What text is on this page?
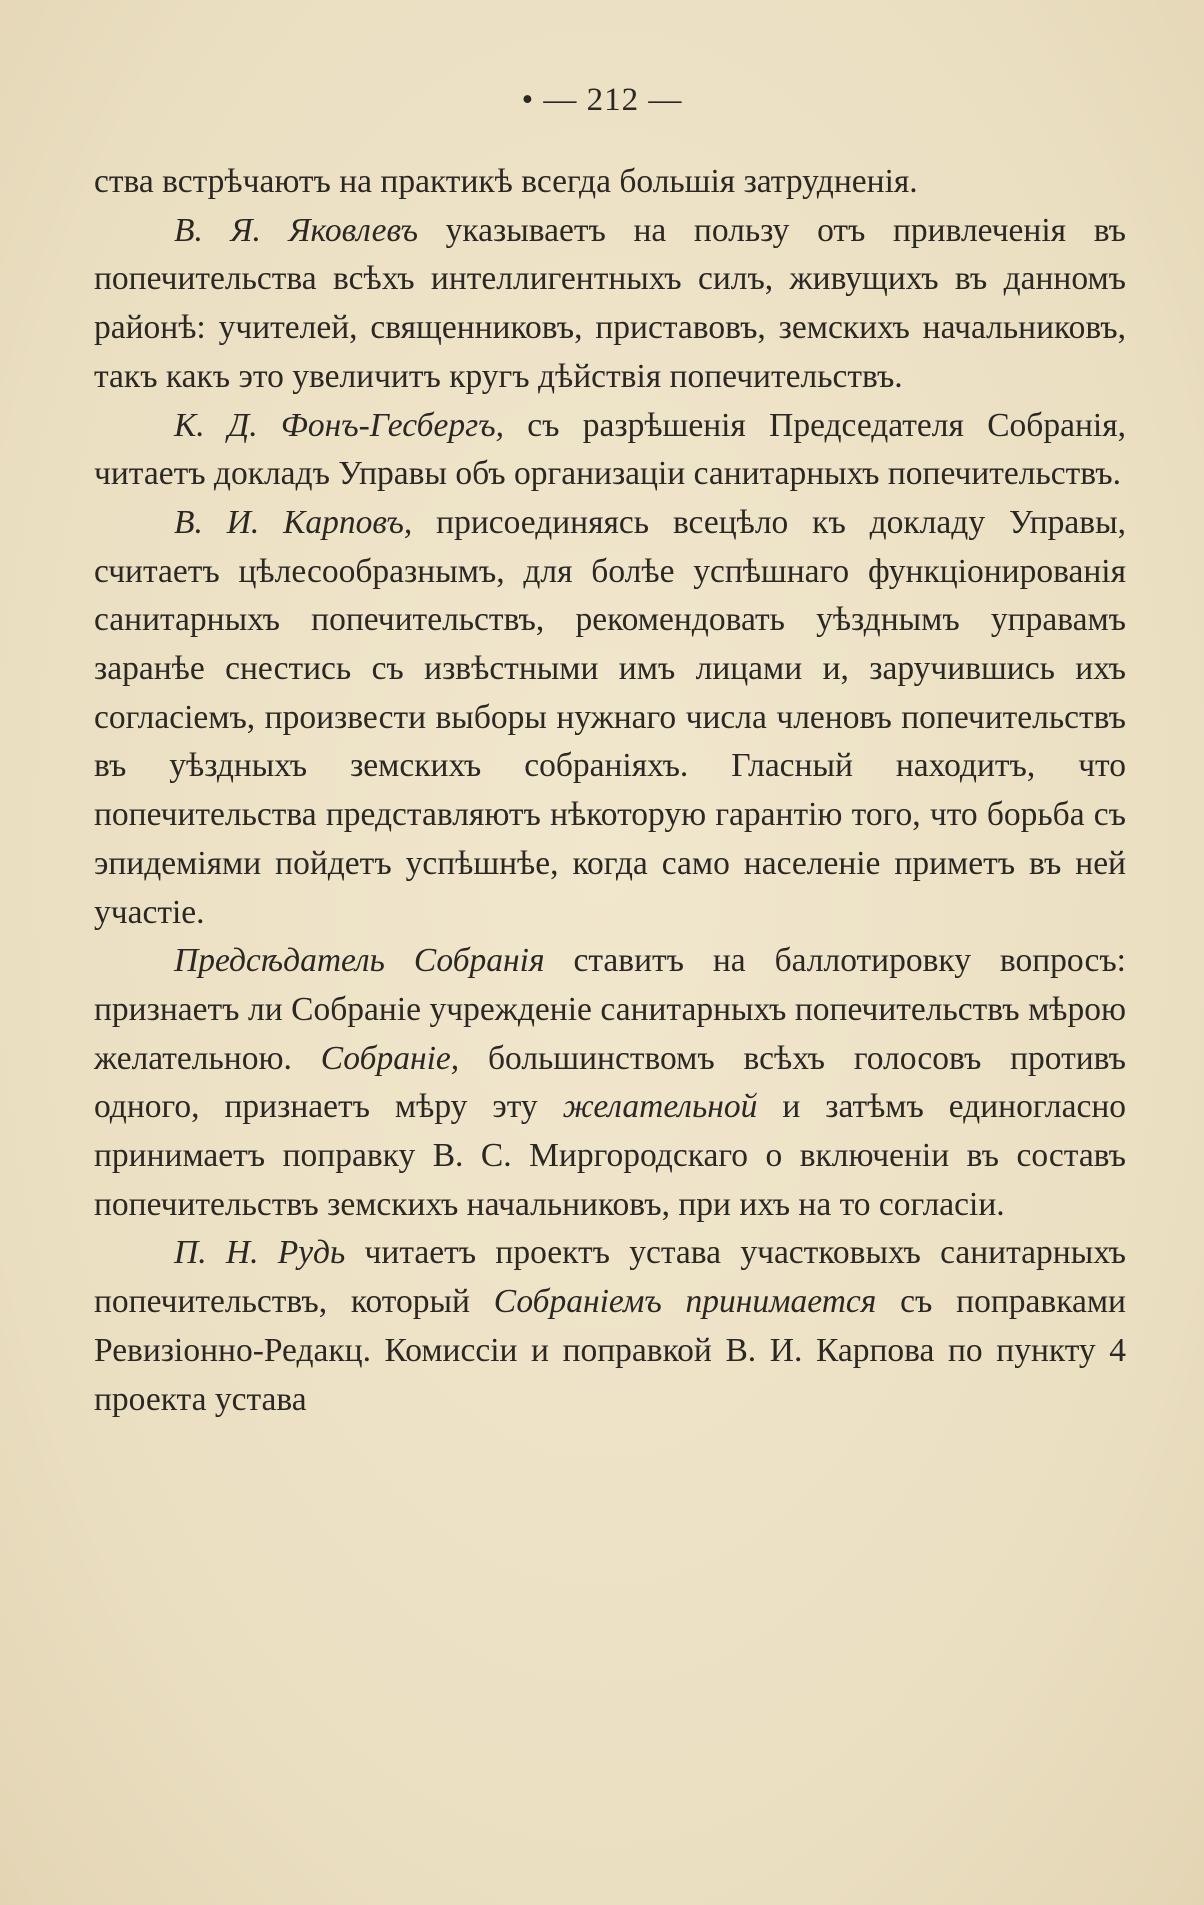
• — 212 —

ства встрѣчаютъ на практикѣ всегда большія затрудненія.

В. Я. Яковлевъ указываетъ на пользу отъ привлеченія въ попечительства всѣхъ интеллигентныхъ силъ, живущихъ въ данномъ районѣ: учителей, священниковъ, приставовъ, земскихъ начальниковъ, такъ какъ это увеличитъ кругъ дѣйствія попечительствъ.

К. Д. Фонъ-Гесбергъ, съ разрѣшенія Председателя Собранія, читаетъ докладъ Управы объ организаціи санитарныхъ попечительствъ.

В. И. Карповъ, присоединяясь всецѣло къ докладу Управы, считаетъ цѣлесообразнымъ, для болѣе успѣшнаго функціонированія санитарныхъ попечительствъ, рекомендовать уѣзднымъ управамъ заранѣе снестись съ извѣстными имъ лицами и, заручившись ихъ согласіемъ, произвести выборы нужнаго числа членовъ попечительствъ въ уѣздныхъ земскихъ собраніяхъ. Гласный находитъ, что попечительства представляютъ нѣкоторую гарантію того, что борьба съ эпидеміями пойдетъ успѣшнѣе, когда само населеніе приметъ въ ней участіе.

Предсѣдатель Собранія ставитъ на баллотировку вопросъ: признаетъ ли Собраніе учрежденіе санитарныхъ попечительствъ мѣрою желательною. Собраніе, большинствомъ всѣхъ голосовъ противъ одного, признаетъ мѣру эту желательной и затѣмъ единогласно принимаетъ поправку В. С. Миргородскаго о включеніи въ составъ попечительствъ земскихъ начальниковъ, при ихъ на то согласіи.

П. Н. Рудь читаетъ проектъ устава участковыхъ санитарныхъ попечительствъ, который Собраніемъ принимается съ поправками Ревизіонно-Редакц. Комиссіи и поправкой В. И. Карпова по пункту 4 проекта устава
